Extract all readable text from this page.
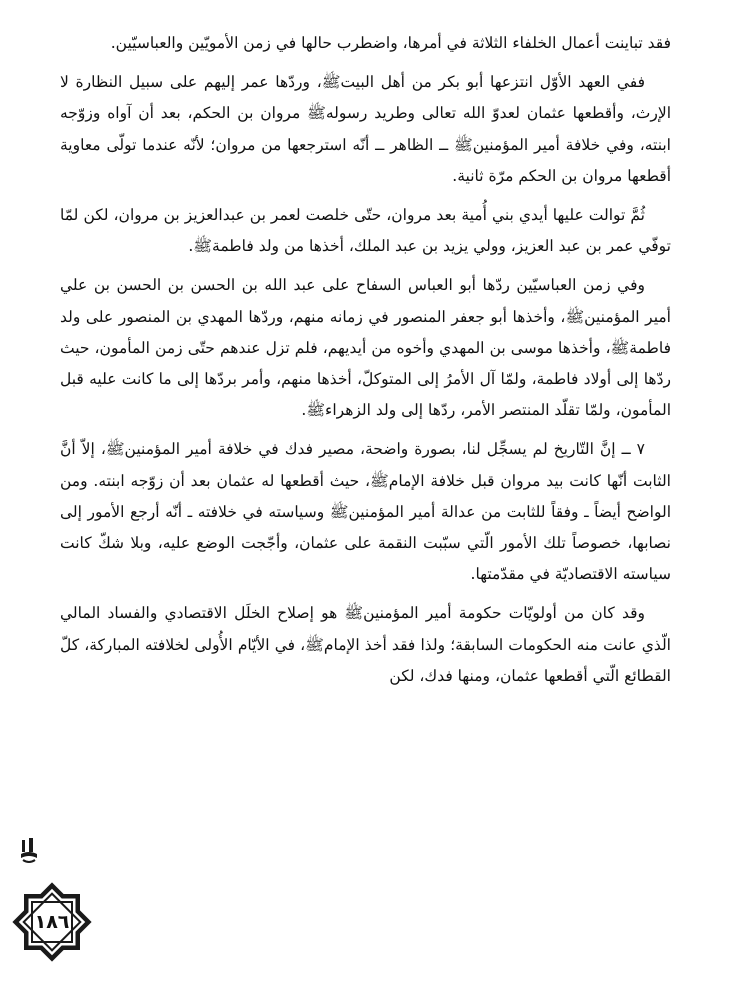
فقد تباينت أعمال الخلفاء الثلاثة في أمرها، واضطرب حالها في زمن الأمويّين والعباسيّين.

ففي العهد الأوّل انتزعها أبو بكر من أهل البيتﷺ، وردّها عمر إليهم على سبيل النظارة لا الإرث، وأقطعها عثمان لعدوّ الله تعالى وطريد رسولهﷺ مروان بن الحكم، بعد أن آواه وزوّجه ابنته، وفي خلافة أمير المؤمنينﷺ ــ الظاهر ــ أنّه استرجعها من مروان؛ لأنّه عندما تولّى معاوية أقطعها مروان بن الحكم مرّة ثانية.

ثُمَّ توالت عليها أيدي بني أُمية بعد مروان، حتّى خلصت لعمر بن عبدالعزيز بن مروان، لكن لمّا توفّي عمر بن عبد العزيز، وولي يزيد بن عبد الملك، أخذها من ولد فاطمةﷺ.

وفي زمن العباسيّين ردّها أبو العباس السفاح على عبد الله بن الحسن بن الحسن بن علي أمير المؤمنينﷺ، وأخذها أبو جعفر المنصور في زمانه منهم، وردّها المهدي بن المنصور على ولد فاطمةﷺ، وأخذها موسى بن المهدي وأخوه من أيديهم، فلم تزل عندهم حتّى زمن المأمون، حيث ردّها إلى أولاد فاطمة، ولمّا آل الأمرُ إلى المتوكلّ، أخذها منهم، وأمر بردّها إلى ما كانت عليه قبل المأمون، ولمّا تقلّد المنتصر الأمر، ردّها إلى ولد الزهراءﷺ.

٧ ــ إنَّ التّاريخ لم يسجِّل لنا، بصورة واضحة، مصير فدك في خلافة أمير المؤمنينﷺ، إلاّ أنَّ الثابت أنّها كانت بيد مروان قبل خلافة الإمامﷺ، حيث أقطعها له عثمان بعد أن زوّجه ابنته. ومن الواضح أيضاً ـ وفقاً للثابت من عدالة أمير المؤمنينﷺ وسياسته في خلافته ـ أنّه أرجع الأمور إلى نصابها، خصوصاً تلك الأمور الّتي سبّبت النقمة على عثمان، وأجّجت الوضع عليه، وبلا شكّ كانت سياسته الاقتصاديّة في مقدّمتها.

وقد كان من أولويّات حكومة أمير المؤمنينﷺ هو إصلاح الخلَل الاقتصادي والفساد المالي الّذي عانت منه الحكومات السابقة؛ ولذا فقد أخذ الإمامﷺ، في الأيّام الأُولى لخلافته المباركة، كلّ القطائع الّتي أقطعها عثمان، ومنها فدك، لكن

١٨٦
